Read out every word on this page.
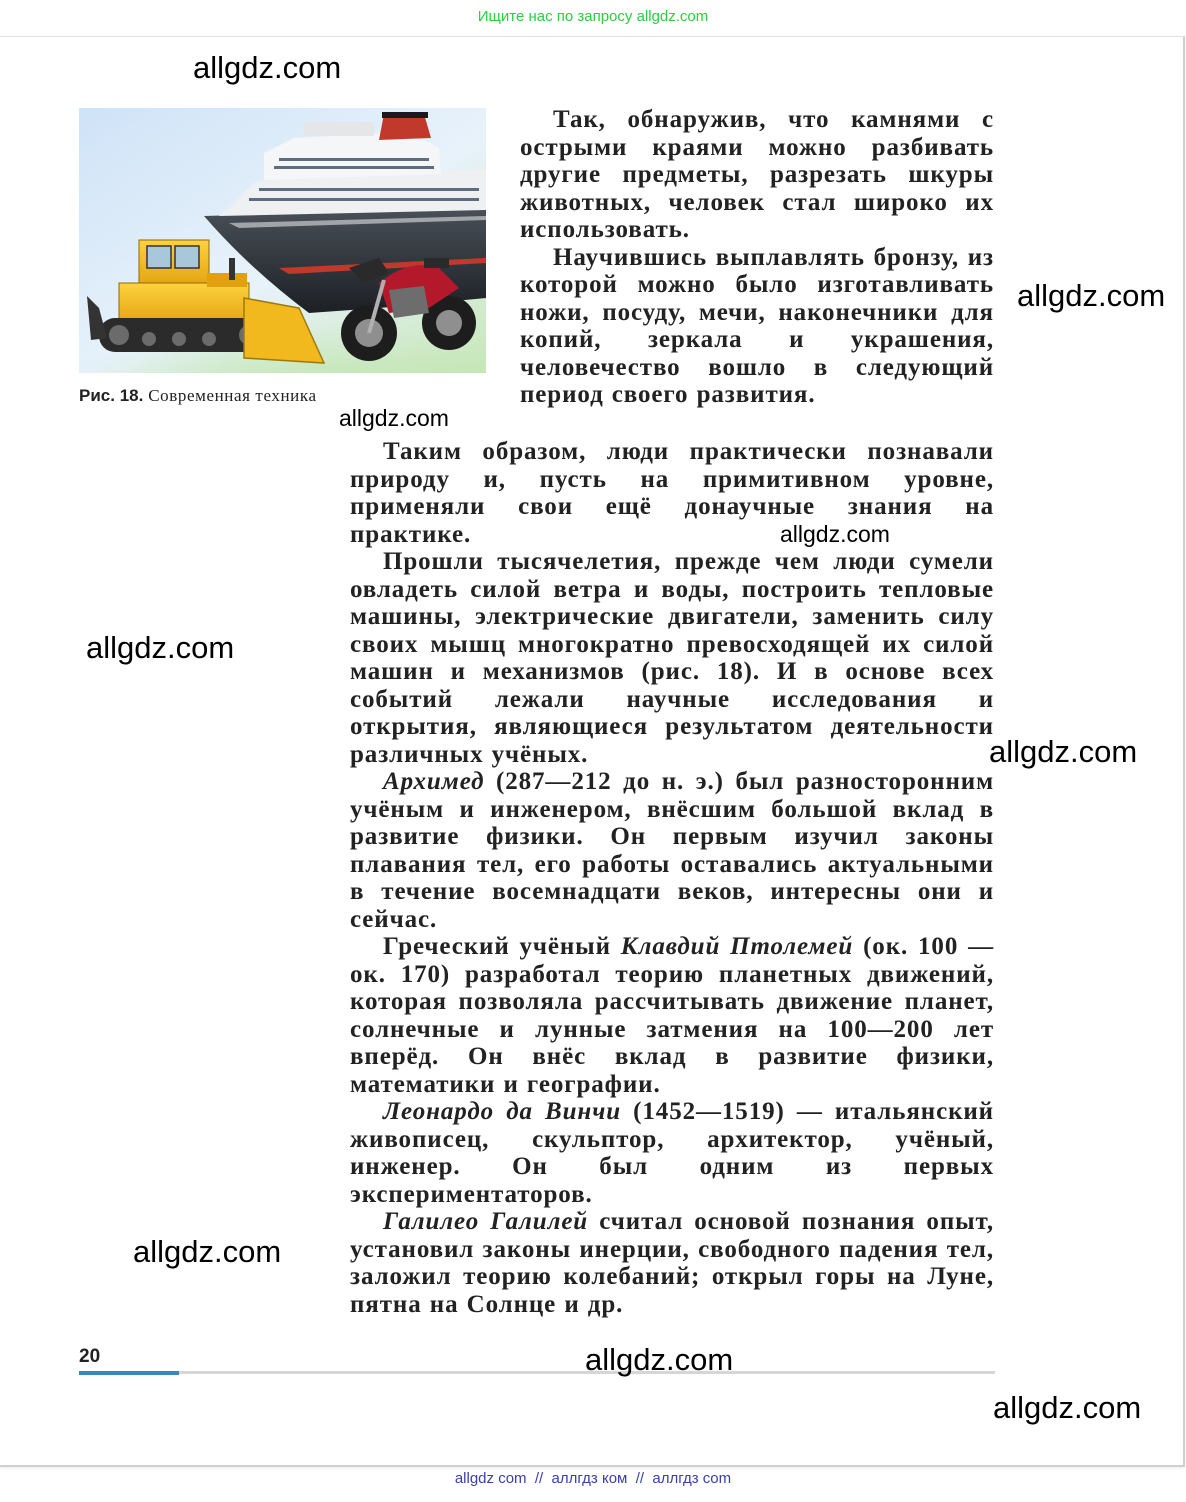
Ищите нас по запросу allgdz.com
Рис. 18. Современная техника

Так, обнаружив, что камнями с острыми краями можно разбивать другие предметы, разрезать шкуры животных, человек стал широко их использовать.

Научившись выплавлять бронзу, из которой можно было изготавливать ножи, посуду, мечи, наконечники для копий, зеркала и украшения, человечество вошло в следующий период своего развития.

Таким образом, люди практически познавали природу и, пусть на примитивном уровне, применяли свои ещё донаучные знания на практике.

Прошли тысячелетия, прежде чем люди сумели овладеть силой ветра и воды, построить тепловые машины, электрические двигатели, заменить силу своих мышц многократно превосходящей их силой машин и механизмов (рис. 18). И в основе всех событий лежали научные исследования и открытия, являющиеся результатом деятельности различных учёных.

Архимед (287—212 до н. э.) был разносторонним учёным и инженером, внёсшим большой вклад в развитие физики. Он первым изучил законы плавания тел, его работы оставались актуальными в течение восемнадцати веков, интересны они и сейчас.

Греческий учёный Клавдий Птолемей (ок. 100 — ок. 170) разработал теорию планетных движений, которая позволяла рассчитывать движение планет, солнечные и лунные затмения на 100—200 лет вперёд. Он внёс вклад в развитие физики, математики и географии.

Леонардо да Винчи (1452—1519) — итальянский живописец, скульптор, архитектор, учёный, инженер. Он был одним из первых экспериментаторов.

Галилео Галилей считал основой познания опыт, установил законы инерции, свободного падения тел, заложил теорию колебаний; открыл горы на Луне, пятна на Солнце и др.

20
allgdz.com
allgdz.com
allgdz.com
allgdz.com
allgdz.com
allgdz.com
allgdz.com
allgdz.com
allgdz.com
allgdz com  //  аллгдз ком  //  аллгдз com
